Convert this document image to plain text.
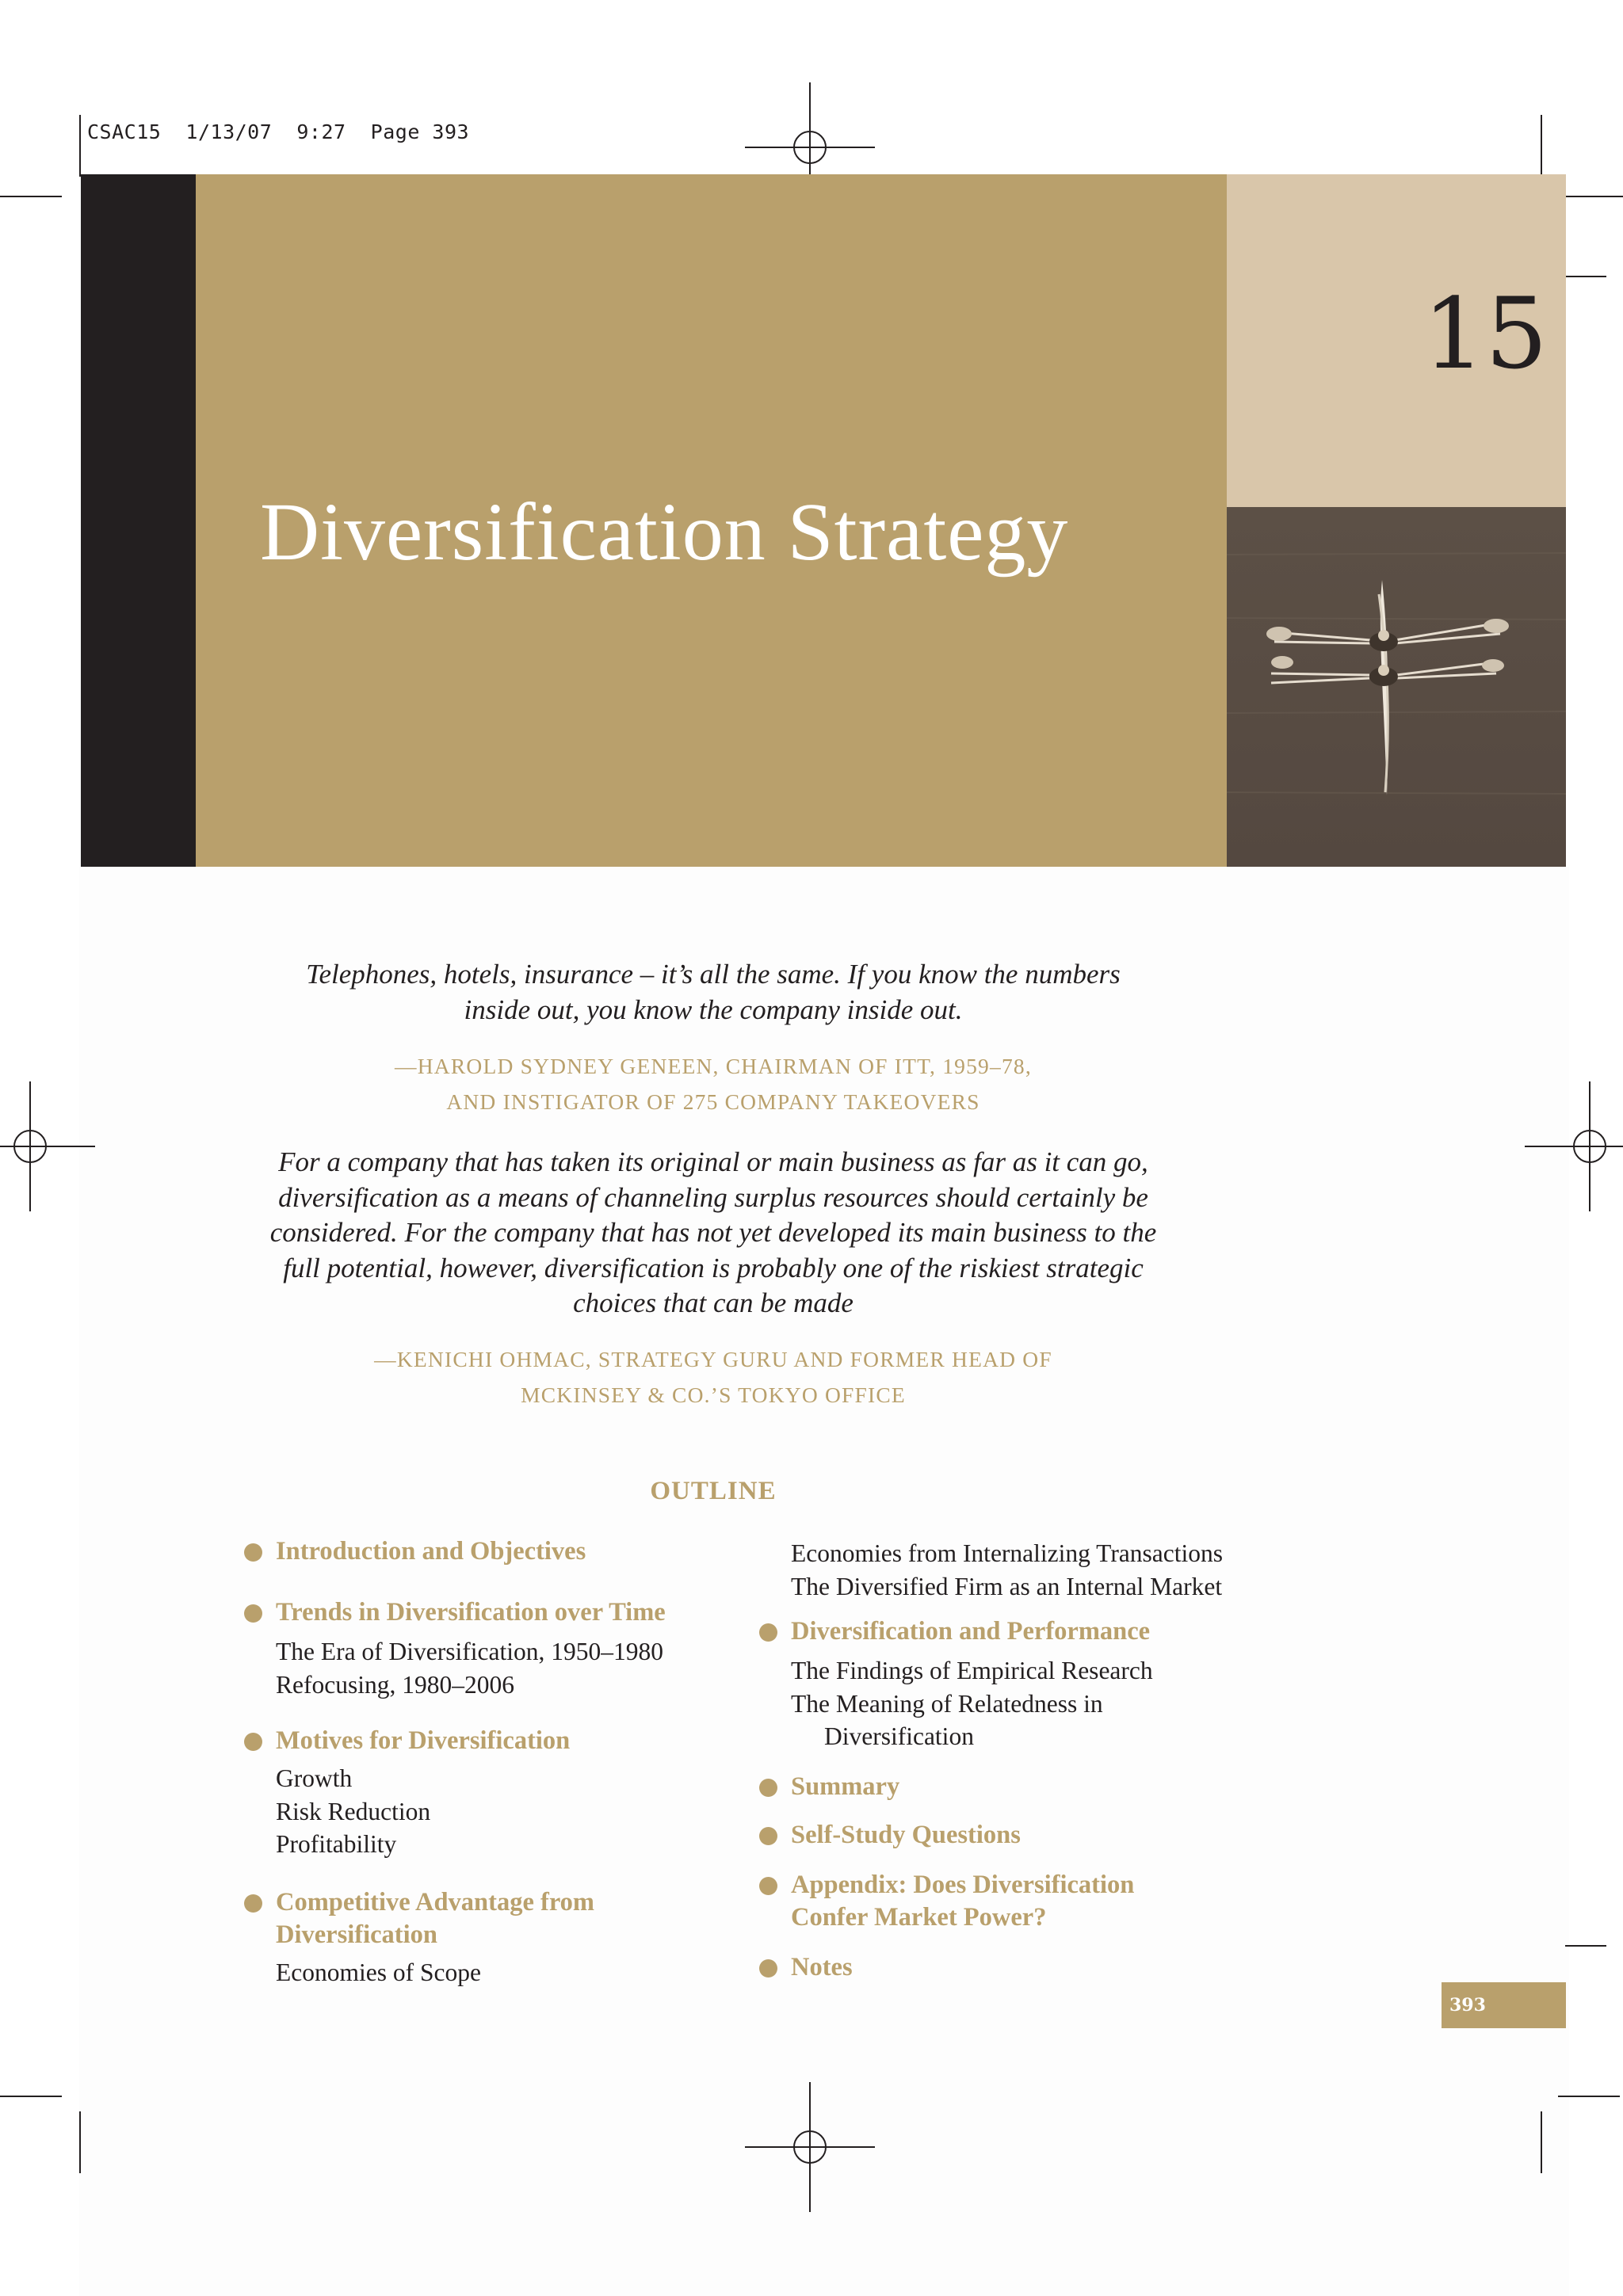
CSAC15  1/13/07  9:27  Page 393
15
Diversification Strategy
Telephones, hotels, insurance – it’s all the same. If you know the numbers
inside out, you know the company inside out.
—HAROLD SYDNEY GENEEN, CHAIRMAN OF ITT, 1959–78,
AND INSTIGATOR OF 275 COMPANY TAKEOVERS
For a company that has taken its original or main business as far as it can go,
diversification as a means of channeling surplus resources should certainly be
considered. For the company that has not yet developed its main business to the
full potential, however, diversification is probably one of the riskiest strategic
choices that can be made
—KENICHI OHMAC, STRATEGY GURU AND FORMER HEAD OF
MCKINSEY & CO.’S TOKYO OFFICE
OUTLINE
Introduction and Objectives
Trends in Diversification over Time
The Era of Diversification, 1950–1980
Refocusing, 1980–2006
Motives for Diversification
Growth
Risk Reduction
Profitability
Competitive Advantage from
Diversification
Economies of Scope
Economies from Internalizing Transactions
The Diversified Firm as an Internal Market
Diversification and Performance
The Findings of Empirical Research
The Meaning of Relatedness in
Diversification
Summary
Self-Study Questions
Appendix: Does Diversification
Confer Market Power?
Notes
393
